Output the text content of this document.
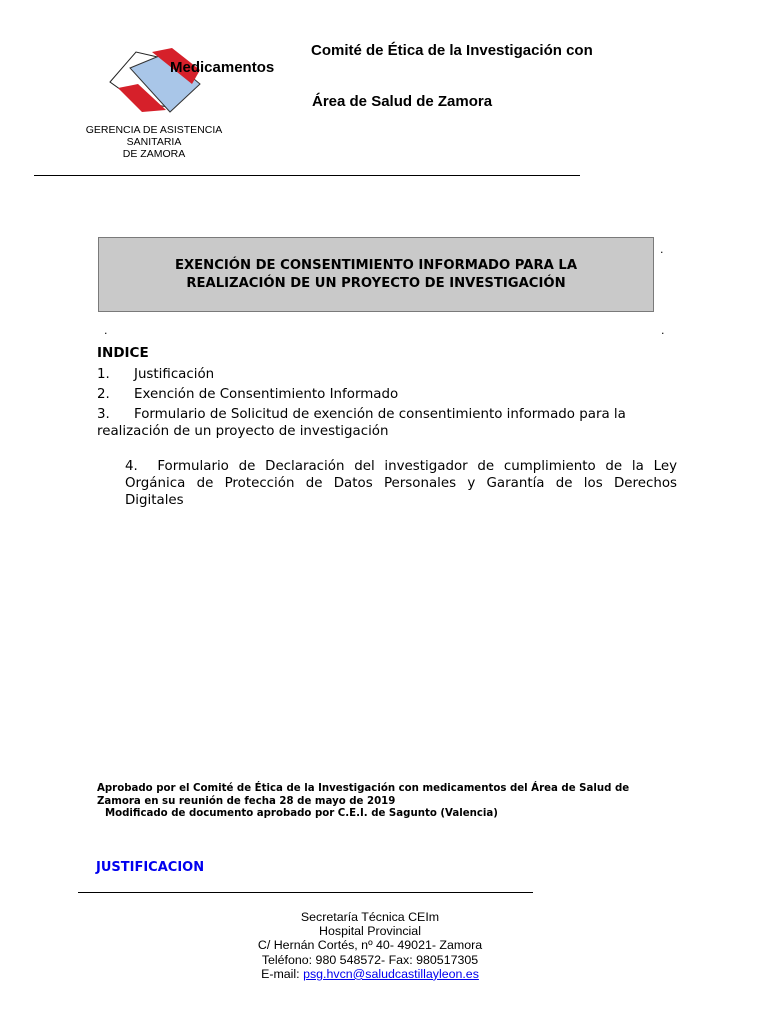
Comité de Ética de la Investigación con
Medicamentos
Área de Salud de Zamora
GERENCIA DE ASISTENCIA
SANITARIA
DE ZAMORA
EXENCIÓN DE CONSENTIMIENTO INFORMADO PARA LA
REALIZACIÓN DE UN PROYECTO DE INVESTIGACIÓN
.
.	.
INDICE
1. Justificación
2. Exención de Consentimiento Informado
3. Formulario de Solicitud de exención de consentimiento informado para la
realización de un proyecto de investigación
4. Formulario de Declaración del investigador de cumplimiento de la Ley
Orgánica de Protección de Datos Personales y Garantía de los Derechos
Digitales
Aprobado por el Comité de Ética de la Investigación con medicamentos del Área de Salud de
Zamora en su reunión de fecha 28 de mayo de 2019
Modificado de documento aprobado por C.E.I. de Sagunto (Valencia)
JUSTIFICACION
Secretaría Técnica CEIm
Hospital Provincial
C/ Hernán Cortés, nº 40- 49021- Zamora
Teléfono: 980 548572- Fax: 980517305
E-mail: psg.hvcn@saludcastillayleon.es
